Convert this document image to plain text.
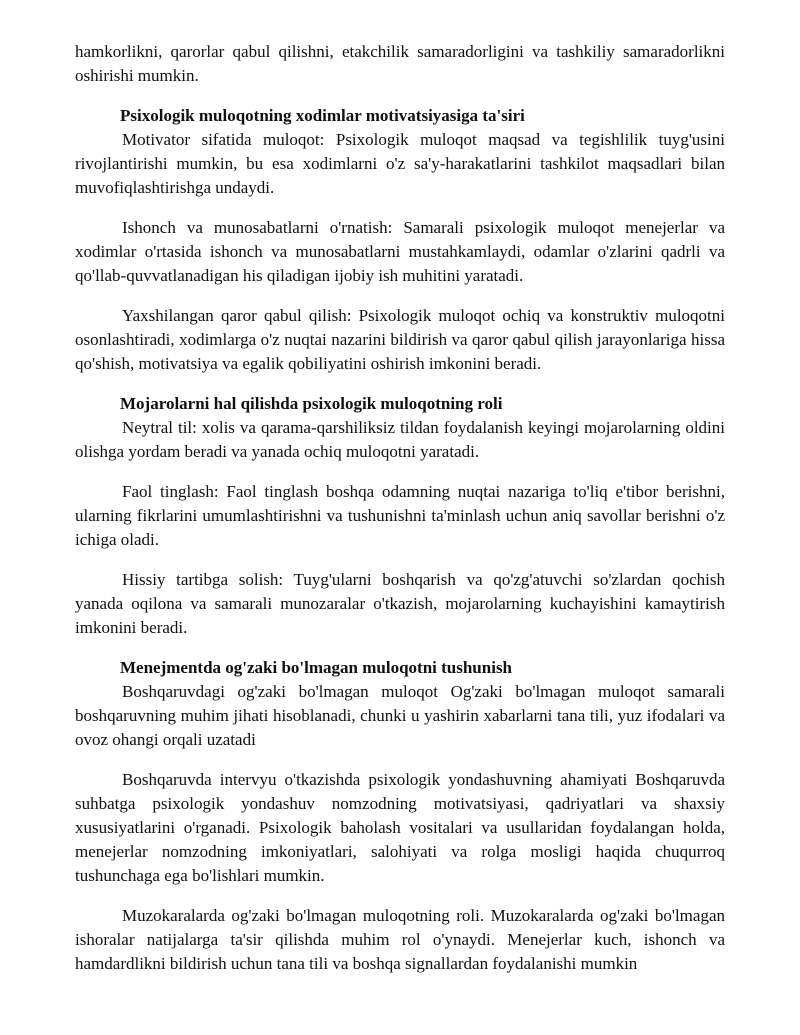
hamkorlikni, qarorlar qabul qilishni, etakchilik samaradorligini va tashkiliy samaradorlikni oshirishi mumkin.

Psixologik muloqotning xodimlar motivatsiyasiga ta'siri

Motivator sifatida muloqot: Psixologik muloqot maqsad va tegishlilik tuyg'usini rivojlantirishi mumkin, bu esa xodimlarni o'z sa'y-harakatlarini tashkilot maqsadlari bilan muvofiqlashtirishga undaydi.

Ishonch va munosabatlarni o'rnatish: Samarali psixologik muloqot menejerlar va xodimlar o'rtasida ishonch va munosabatlarni mustahkamlaydi, odamlar o'zlarini qadrli va qo'llab-quvvatlanadigan his qiladigan ijobiy ish muhitini yaratadi.

Yaxshilangan qaror qabul qilish: Psixologik muloqot ochiq va konstruktiv muloqotni osonlashtiradi, xodimlarga o'z nuqtai nazarini bildirish va qaror qabul qilish jarayonlariga hissa qo'shish, motivatsiya va egalik qobiliyatini oshirish imkonini beradi.

Mojarolarni hal qilishda psixologik muloqotning roli

Neytral til: xolis va qarama-qarshiliksiz tildan foydalanish keyingi mojarolarning oldini olishga yordam beradi va yanada ochiq muloqotni yaratadi.

Faol tinglash: Faol tinglash boshqa odamning nuqtai nazariga to'liq e'tibor berishni, ularning fikrlarini umumlashtirishni va tushunishni ta'minlash uchun aniq savollar berishni o'z ichiga oladi.

Hissiy tartibga solish: Tuyg'ularni boshqarish va qo'zg'atuvchi so'zlardan qochish yanada oqilona va samarali munozaralar o'tkazish, mojarolarning kuchayishini kamaytirish imkonini beradi.

Menejmentda og'zaki bo'lmagan muloqotni tushunish

Boshqaruvdagi og'zaki bo'lmagan muloqot Og'zaki bo'lmagan muloqot samarali boshqaruvning muhim jihati hisoblanadi, chunki u yashirin xabarlarni tana tili, yuz ifodalari va ovoz ohangi orqali uzatadi

Boshqaruvda intervyu o'tkazishda psixologik yondashuvning ahamiyati Boshqaruvda suhbatga psixologik yondashuv nomzodning motivatsiyasi, qadriyatlari va shaxsiy xususiyatlarini o'rganadi. Psixologik baholash vositalari va usullaridan foydalangan holda, menejerlar nomzodning imkoniyatlari, salohiyati va rolga mosligi haqida chuqurroq tushunchaga ega bo'lishlari mumkin.

Muzokaralarda og'zaki bo'lmagan muloqotning roli. Muzokaralarda og'zaki bo'lmagan ishoralar natijalarga ta'sir qilishda muhim rol o'ynaydi. Menejerlar kuch, ishonch va hamdardlikni bildirish uchun tana tili va boshqa signallardan foydalanishi mumkin
